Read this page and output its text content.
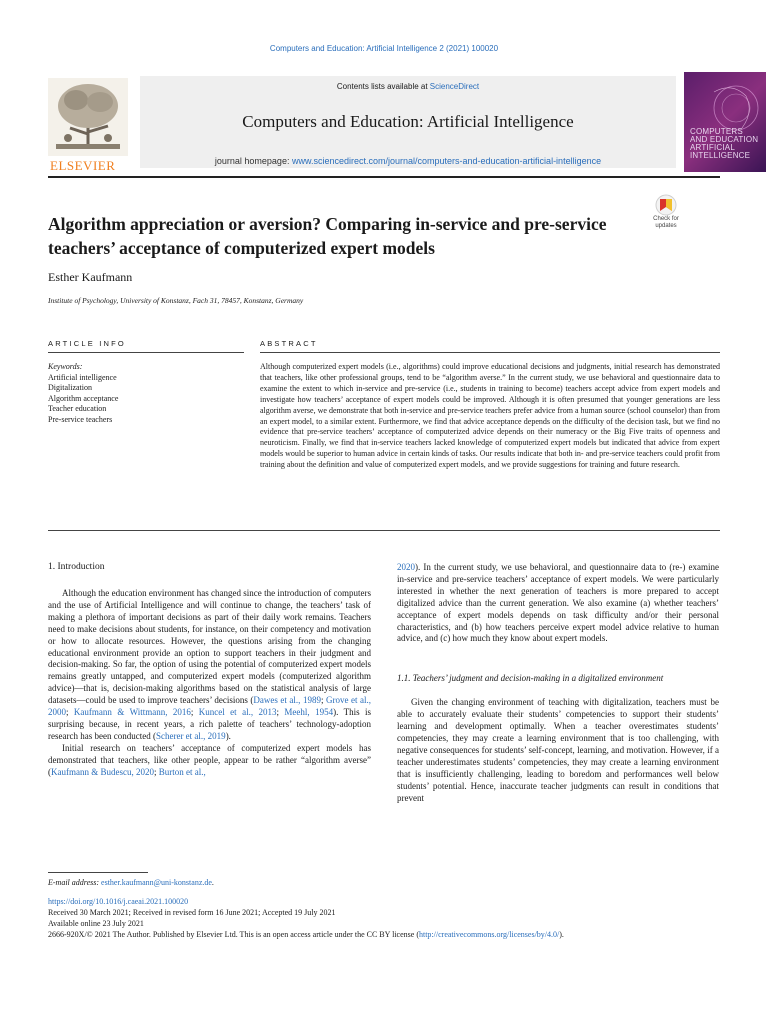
Computers and Education: Artificial Intelligence 2 (2021) 100020
ELSEVIER
Contents lists available at ScienceDirect
Computers and Education: Artificial Intelligence
journal homepage: www.sciencedirect.com/journal/computers-and-education-artificial-intelligence
COMPUTERS AND EDUCATION ARTIFICIAL INTELLIGENCE
Check for updates
Algorithm appreciation or aversion? Comparing in-service and pre-service teachers’ acceptance of computerized expert models
Esther Kaufmann
Institute of Psychology, University of Konstanz, Fach 31, 78457, Konstanz, Germany
ARTICLE INFO	ABSTRACT
Keywords:
Artificial intelligence
Digitalization
Algorithm acceptance
Teacher education
Pre-service teachers
Although computerized expert models (i.e., algorithms) could improve educational decisions and judgments, initial research has demonstrated that teachers, like other professional groups, tend to be “algorithm averse.” In the current study, we use behavioral and questionnaire data to examine the extent to which in-service and pre-service (i.e., students in training to become) teachers accept advice from expert models and investigate how teachers’ acceptance of expert models could be improved. Although it is often presumed that younger generations are less algorithm averse, we demonstrate that both in-service and pre-service teachers prefer advice from a human source (school counselor) than from an expert model, to a similar extent. Furthermore, we find that advice acceptance depends on the difficulty of the decision task, but we find no evidence that pre-service teachers’ acceptance of computerized advice depends on their numeracy or the Big Five traits of openness and neuroticism. Finally, we find that in-service teachers lacked knowledge of computerized expert models but indicated that advice from expert models would be superior to human advice in certain kinds of tasks. Our results indicate that both in- and pre-service teachers could profit from training about the definition and value of computerized expert models, and we provide suggestions for training and future research.
1. Introduction

Although the education environment has changed since the introduction of computers and the use of Artificial Intelligence and will continue to change, the teachers’ task of making a plethora of important decisions as part of their daily work remains. Teachers need to make decisions about students, for instance, on their competency and motivation or how to allocate resources. However, the questions arising from the changing educational environment provide an option to support teachers in their judgment and decision-making. So far, the option of using the potential of computerized expert models remains greatly untapped, and computerized expert models (computerized algorithm advice)—that is, decision-making algorithms based on the statistical analysis of large datasets—could be used to improve teachers’ decisions (Dawes et al., 1989; Grove et al., 2000; Kaufmann & Wittmann, 2016; Kuncel et al., 2013; Meehl, 1954). This is surprising because, in recent years, a rich palette of teachers’ technology-adoption research has been conducted (Scherer et al., 2019).

Initial research on teachers’ acceptance of computerized expert models has demonstrated that teachers, like other people, appear to be rather “algorithm averse” (Kaufmann & Budescu, 2020; Burton et al.,

2020). In the current study, we use behavioral, and questionnaire data to (re-) examine in-service and pre-service teachers’ acceptance of expert models. We were particularly interested in whether the next generation of teachers is more prepared to accept digitalized advice than the current generation. We also examine (a) whether teachers’ acceptance of expert models depends on task difficulty and/or their personal characteristics, and (b) how teachers perceive expert model advice relative to human advice, and (c) how much they know about expert models.

1.1. Teachers’ judgment and decision-making in a digitalized environment

Given the changing environment of teaching with digitalization, teachers must be able to accurately evaluate their students’ competencies to support their students’ learning and development optimally. When a teacher overestimates students’ competencies, they may create a learning environment that is too challenging, with negative consequences for students’ self-concept, learning, and motivation. However, if a teacher underestimates students’ competencies, they may create a learning environment that is insufficiently challenging, leading to boredom and performances well below students’ potential. Hence, inaccurate teacher judgments can result in conditions that prevent

E-mail address: esther.kaufmann@uni-konstanz.de.
https://doi.org/10.1016/j.caeai.2021.100020
Received 30 March 2021; Received in revised form 16 June 2021; Accepted 19 July 2021
Available online 23 July 2021
2666-920X/© 2021 The Author. Published by Elsevier Ltd. This is an open access article under the CC BY license (http://creativecommons.org/licenses/by/4.0/).
